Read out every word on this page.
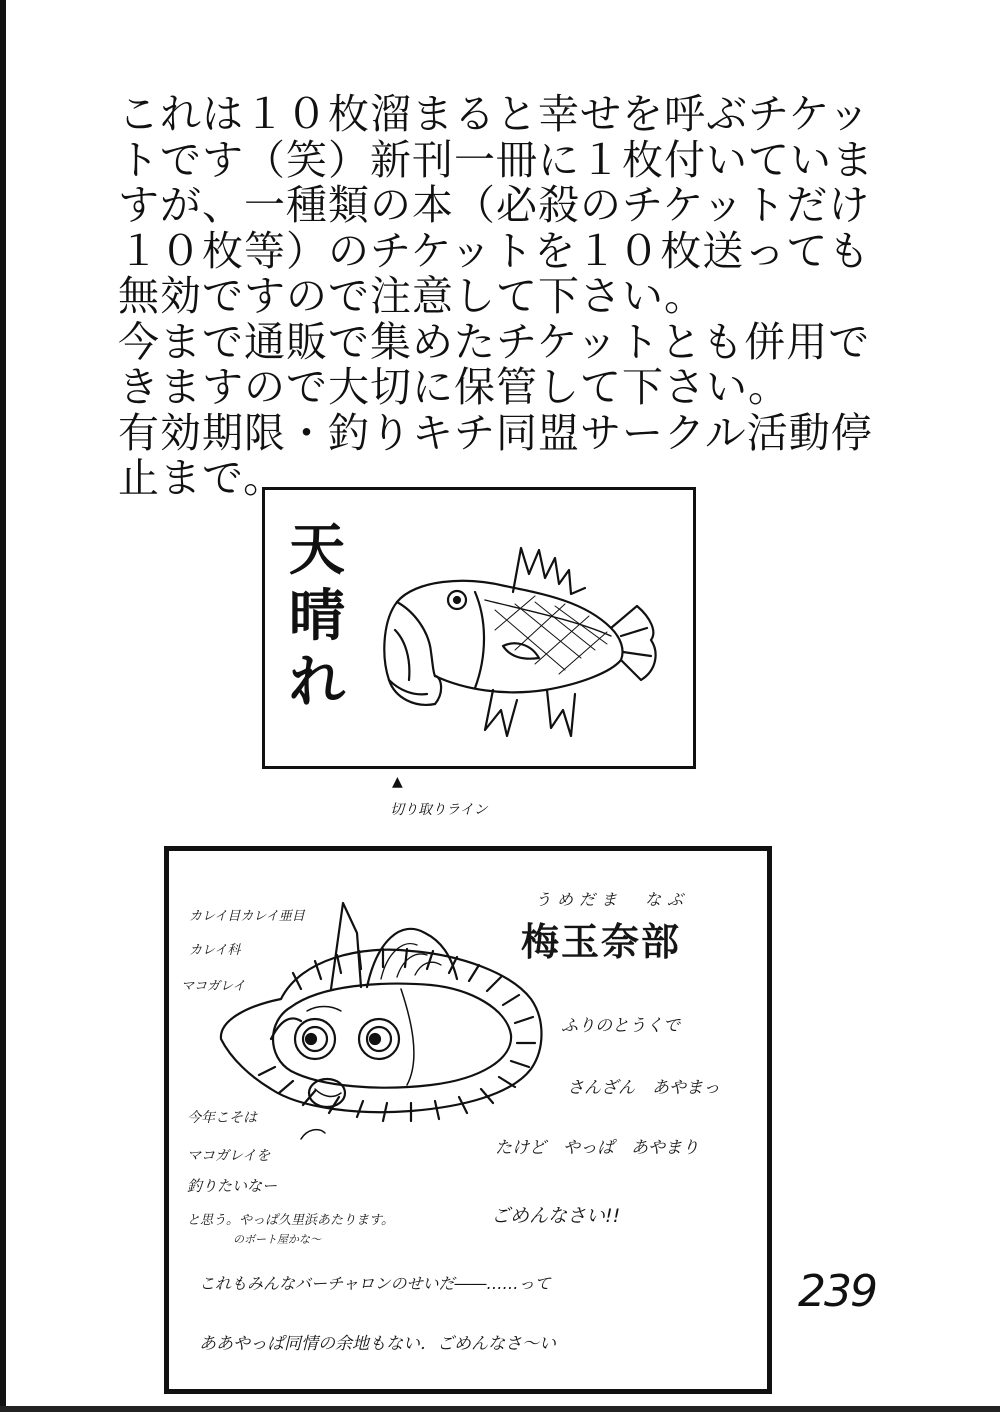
これは１０枚溜まると幸せを呼ぶチケッ
トです（笑）新刊一冊に１枚付いていま
すが、一種類の本（必殺のチケットだけ
１０枚等）のチケットを１０枚送っても
無効ですので注意して下さい。
今まで通販で集めたチケットとも併用で
きますので大切に保管して下さい。
有効期限・釣りキチ同盟サークル活動停
止まで。
天
晴
れ
▲
切り取りライン
カレイ目カレイ亜目
カレイ科
マコガレイ
うめだま　なぶ
梅玉奈部
ふりのとうくで
さんざん　あやまっ
たけど　やっぱ　あやまり
ごめんなさい!!
今年こそは
マコガレイを
釣りたいなー
と思う。やっぱ久里浜あたります。
のボート屋かな～
これもみんなバーチャロンのせいだ――……って
ああやっぱ同情の余地もない．ごめんなさ～い
239
